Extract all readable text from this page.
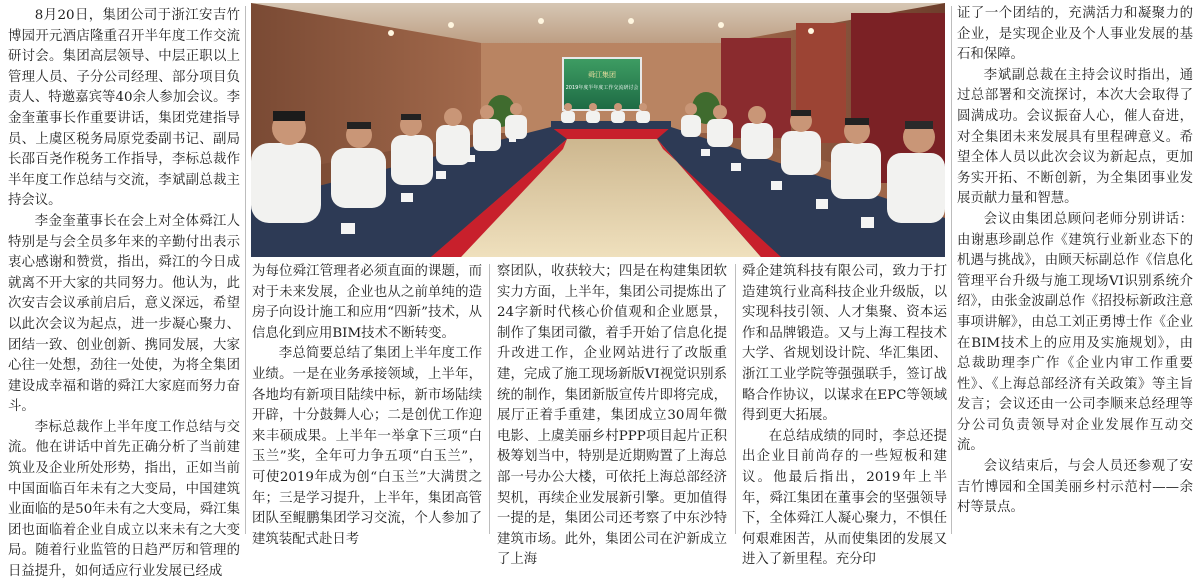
8月20日，集团公司于浙江安吉竹博园开元酒店隆重召开半年度工作交流研讨会。集团高层领导、中层正职以上管理人员、子分公司经理、部分项目负责人、特邀嘉宾等40余人参加会议。李金奎董事长作重要讲话，集团党建指导员、上虞区税务局原党委副书记、副局长邵百尧作税务工作指导，李标总裁作半年度工作总结与交流，李斌副总裁主持会议。

李金奎董事长在会上对全体舜江人特别是与会全员多年来的辛勤付出表示衷心感谢和赞赏，指出，舜江的今日成就离不开大家的共同努力。他认为，此次安吉会议承前启后，意义深远，希望以此次会议为起点，进一步凝心聚力、团结一致、创业创新、携同发展，大家心往一处想，劲往一处使，为将全集团建设成幸福和谐的舜江大家庭而努力奋斗。

李标总裁作上半年度工作总结与交流。他在讲话中首先正确分析了当前建筑业及企业所处形势，指出，正如当前中国面临百年未有之大变局，中国建筑业面临的是50年未有之大变局，舜江集团也面临着企业自成立以来未有之大变局。随着行业监管的日趋严厉和管理的日益提升，如何适应行业发展已经成

舜江集团
2019年度半年度工作交流研讨会

为每位舜江管理者必须直面的课题，而对于未来发展，企业也从之前单纯的造房子向设计施工和应用“四新”技术，从信息化到应用BIM技术不断转变。

李总简要总结了集团上半年度工作业绩。一是在业务承接领域，上半年，各地均有新项目陆续中标，新市场陆续开辟，十分鼓舞人心；二是创优工作迎来丰硕成果。上半年一举拿下三项“白玉兰”奖，全年可力争五项“白玉兰”，可使2019年成为创“白玉兰”大满贯之年；三是学习提升，上半年，集团高管团队至鲲鹏集团学习交流，个人参加了建筑装配式赴日考

察团队，收获较大；四是在构建集团软实力方面，上半年，集团公司提炼出了24字新时代核心价值观和企业愿景，制作了集团司徽，着手开始了信息化提升改进工作，企业网站进行了改版重建，完成了施工现场新版VI视觉识别系统的制作，集团新版宣传片即将完成，展厅正着手重建，集团成立30周年微电影、上虞美丽乡村PPP项目起片正积极筹划当中，特别是近期购置了上海总部一号办公大楼，可依托上海总部经济契机，再续企业发展新引擎。更加值得一提的是，集团公司还考察了中东沙特建筑市场。此外，集团公司在沪新成立了上海

舜企建筑科技有限公司，致力于打造建筑行业高科技企业升级版，以实现科技引领、人才集聚、资本运作和品牌锻造。又与上海工程技术大学、省规划设计院、华汇集团、浙江工业学院等强强联手，签订战略合作协议，以谋求在EPC等领域得到更大拓展。

在总结成绩的同时，李总还提出企业目前尚存的一些短板和建议。他最后指出，2019年上半年，舜江集团在董事会的坚强领导下，全体舜江人凝心聚力，不惧任何艰难困苦，从而使集团的发展又进入了新里程。充分印

证了一个团结的，充满活力和凝聚力的企业，是实现企业及个人事业发展的基石和保障。

李斌副总裁在主持会议时指出，通过总部署和交流探讨，本次大会取得了圆满成功。会议振奋人心，催人奋进，对全集团未来发展具有里程碑意义。希望全体人员以此次会议为新起点，更加务实开拓、不断创新，为全集团事业发展贡献力量和智慧。

会议由集团总顾问老师分别讲话：由谢惠珍副总作《建筑行业新业态下的机遇与挑战》，由顾天标副总作《信息化管理平台升级与施工现场VI识别系统介绍》，由张金波副总作《招投标新政注意事项讲解》，由总工刘正勇博士作《企业在BIM技术上的应用及实施规划》，由总裁助理李广作《企业内审工作重要性》、《上海总部经济有关政策》等主旨发言；会议还由一公司李顺来总经理等分公司负责领导对企业发展作互动交流。

会议结束后，与会人员还参观了安吉竹博园和全国美丽乡村示范村——余村等景点。
